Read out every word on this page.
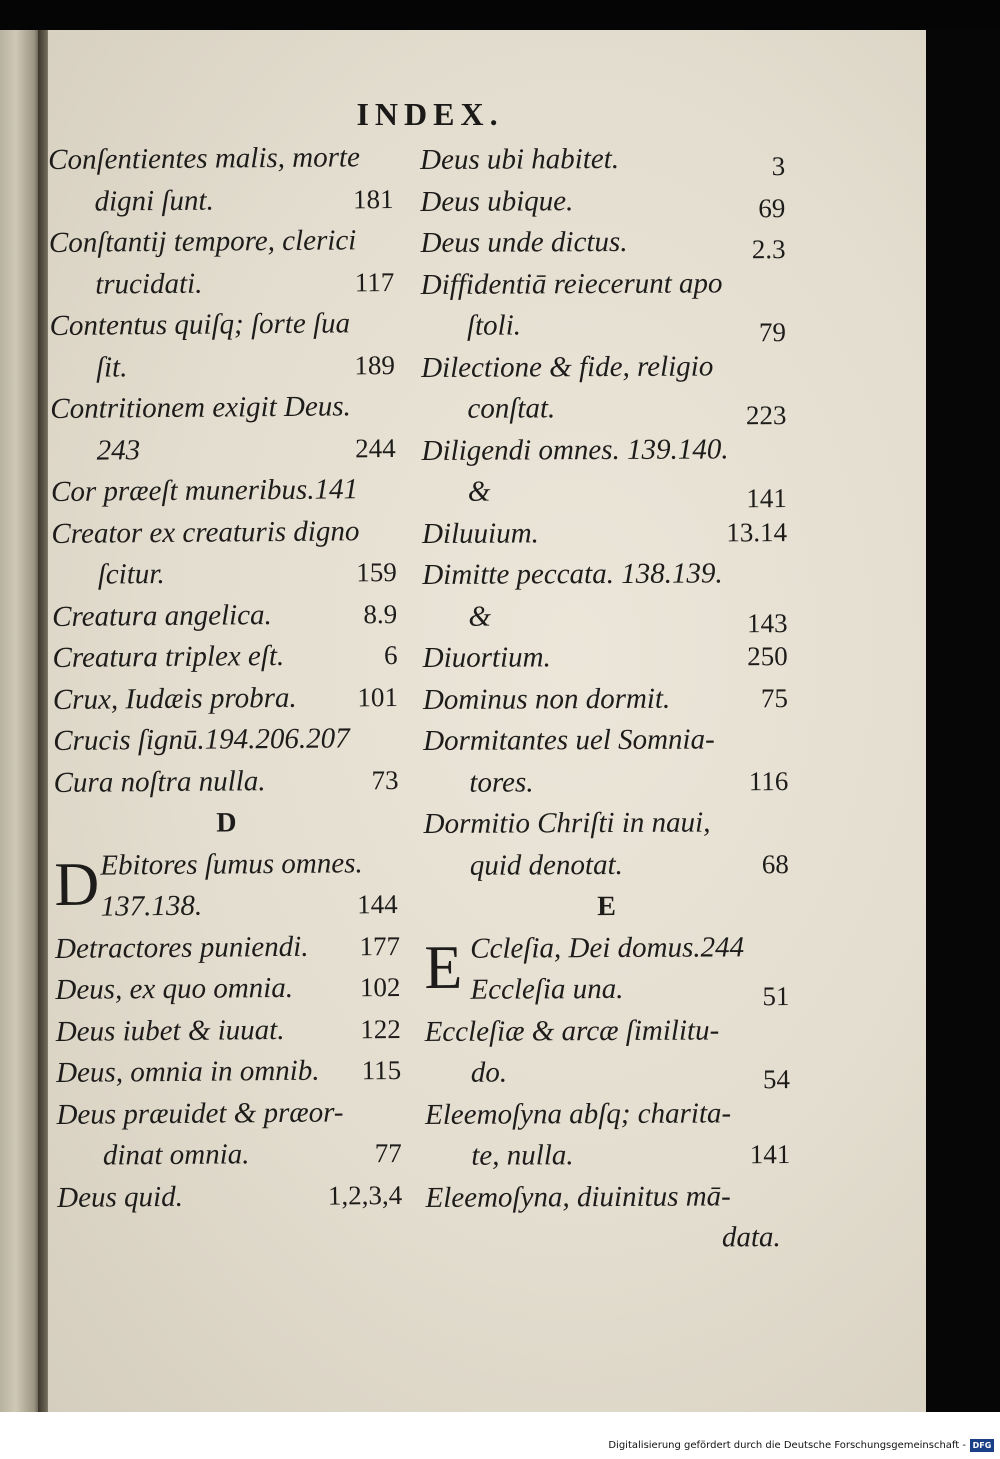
INDEX.
Conſentientes malis, morte
digni ſunt.	181
Conſtantij tempore, clerici
trucidati.	117
Contentus quiſq; ſorte ſua
ſit.	189
Contritionem exigit Deus.
243	244
Cor præeſt muneribus.141
Creator ex creaturis digno
ſcitur.	159
Creatura angelica.	8.9
Creatura triplex eſt.	6
Crux, Iudæis probra. 101
Crucis ſignū.194.206.207
Cura noſtra nulla.	73
D
D Ebitores ſumus omnes.
137.138.	144
Detractores puniendi. 177
Deus, ex quo omnia. 102
Deus iubet & iuuat.	122
Deus, omnia in omnib. 115
Deus præuidet & præor-
dinat omnia.	77
Deus quid.	1,2,3,4
Deus ubi habitet.	3
Deus ubique.	69
Deus unde dictus.	2.3
Diffidentiā reiecerunt apo
ſtoli.	79
Dilectione & fide, religio
conſtat.	223
Diligendi omnes. 139.140.
&	141
Diluuium.	13.14
Dimitte peccata. 138.139.
&	143
Diuortium.	250
Dominus non dormit.	75
Dormitantes uel Somnia-
tores.	116
Dormitio Chriſti in naui,
quid denotat.	68
E
E Ccleſia, Dei domus.244
Eccleſia una.	51
Eccleſiæ & arcæ ſimilitu-
do.	54
Eleemoſyna abſq; charita-
te, nulla.	141
Eleemoſyna, diuinitus mā-
data.
Digitalisierung gefördert durch die Deutsche Forschungsgemeinschaft - DFG
